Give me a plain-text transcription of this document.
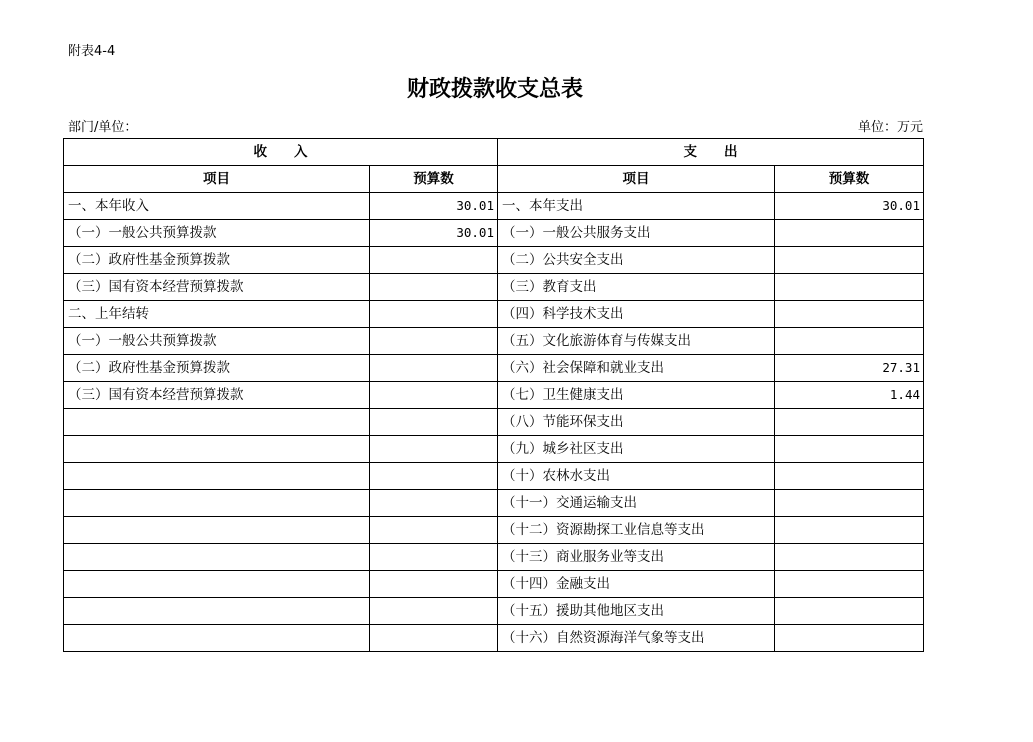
附表4-4
财政拨款收支总表
部门/单位：	单位：万元
收　　入		支　　出	
项目	预算数	项目	预算数
一、本年收入	30.01	一、本年支出	30.01
（一）一般公共预算拨款	30.01	（一）一般公共服务支出	
（二）政府性基金预算拨款		（二）公共安全支出	
（三）国有资本经营预算拨款		（三）教育支出	
二、上年结转		（四）科学技术支出	
（一）一般公共预算拨款		（五）文化旅游体育与传媒支出	
（二）政府性基金预算拨款		（六）社会保障和就业支出	27.31
（三）国有资本经营预算拨款		（七）卫生健康支出	1.44
		（八）节能环保支出	
		（九）城乡社区支出	
		（十）农林水支出	
		（十一）交通运输支出	
		（十二）资源勘探工业信息等支出	
		（十三）商业服务业等支出	
		（十四）金融支出	
		（十五）援助其他地区支出	
		（十六）自然资源海洋气象等支出	
